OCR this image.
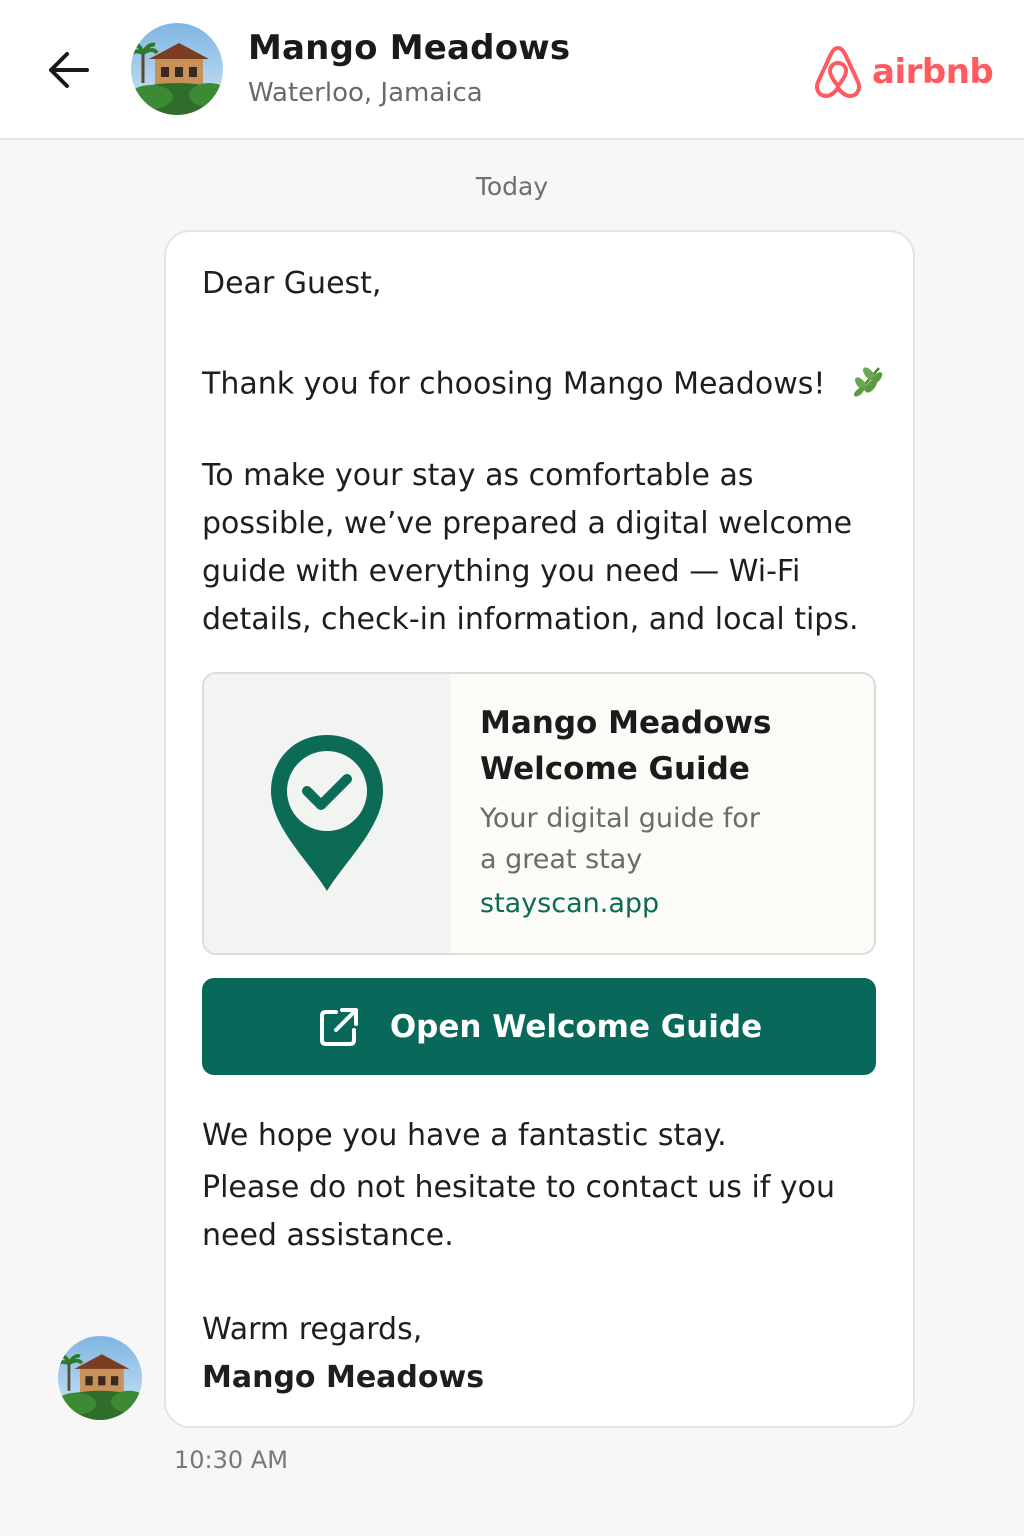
Mango Meadows
Waterloo, Jamaica
airbnb
Today
Dear Guest,
Thank you for choosing Mango Meadows!
To make your stay as comfortable as possible, we’ve prepared a digital welcome guide with everything you need — Wi-Fi details, check-in information, and local tips.
Mango Meadows Welcome Guide
Your digital guide for a great stay
stayscan.app
Open Welcome Guide
We hope you have a fantastic stay.
Please do not hesitate to contact us if you need assistance.
Warm regards,
Mango Meadows
10:30 AM
